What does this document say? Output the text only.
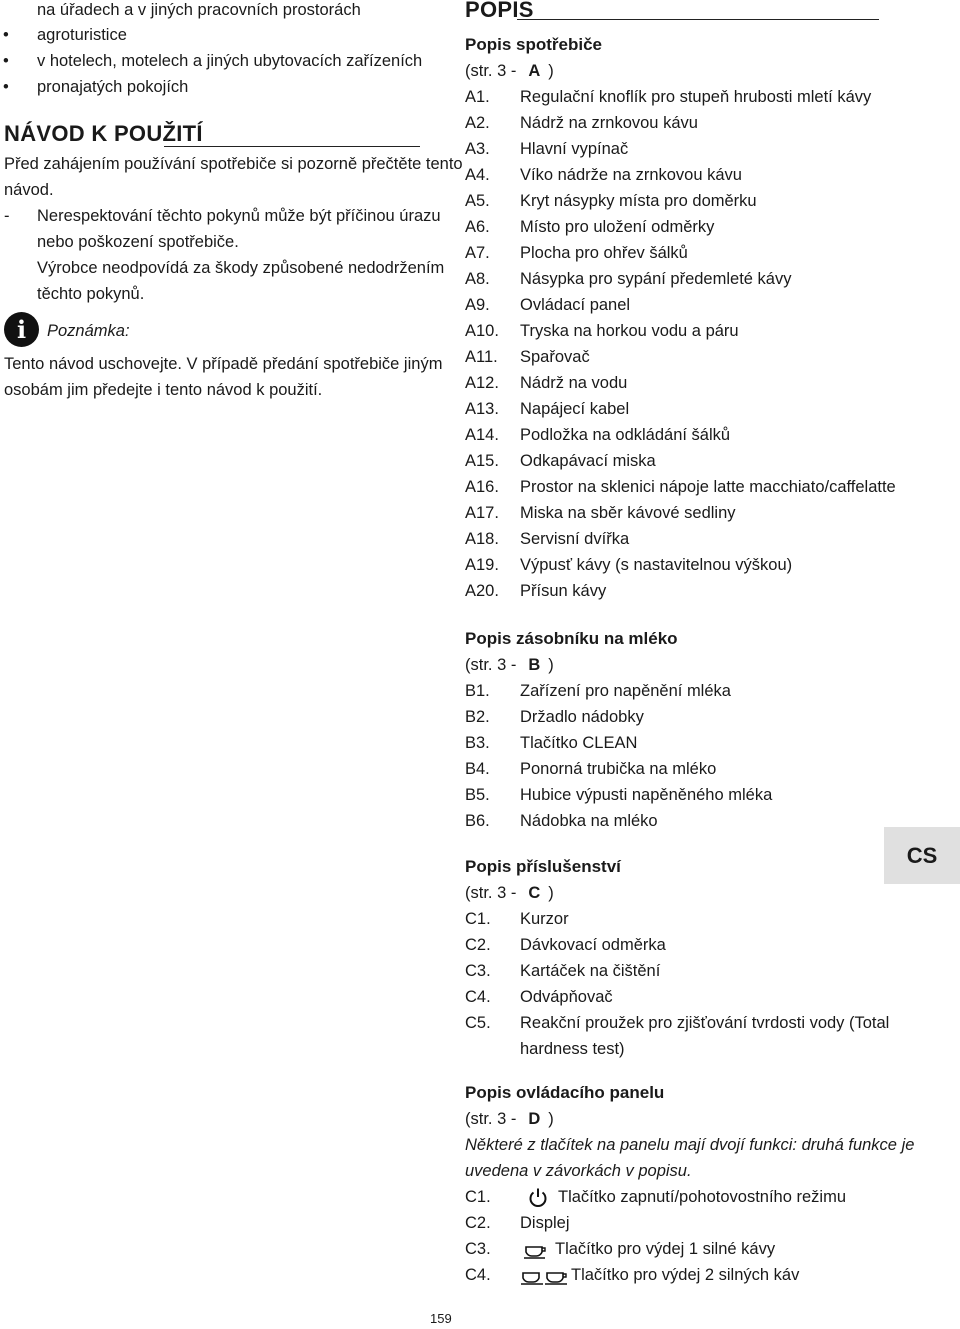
na úřadech a v jiných pracovních prostorách
• agroturistice
• v hotelech, motelech a jiných ubytovacích zařízeních
• pronajatých pokojích
NÁVOD K POUŽITÍ
Před zahájením používání spotřebiče si pozorně přečtěte tento
návod.
- Nerespektování těchto pokynů může být příčinou úrazu
nebo poškození spotřebiče.
Výrobce neodpovídá za škody způsobené nedodržením
těchto pokynů.
i	Poznámka:
Tento návod uschovejte. V případě předání spotřebiče jiným
osobám jim předejte i tento návod k použití.
POPIS
Popis spotřebiče
(str. 3 - A )
A1. Regulační knoflík pro stupeň hrubosti mletí kávy
A2. Nádrž na zrnkovou kávu
A3. Hlavní vypínač
A4. Víko nádrže na zrnkovou kávu
A5. Kryt násypky místa pro doměrku
A6. Místo pro uložení odměrky
A7. Plocha pro ohřev šálků
A8. Násypka pro sypání předemleté kávy
A9. Ovládací panel
A10. Tryska na horkou vodu a páru
A11. Spařovač
A12. Nádrž na vodu
A13. Napájecí kabel
A14. Podložka na odkládání šálků
A15. Odkapávací miska
A16. Prostor na sklenici nápoje latte macchiato/caffelatte
A17. Miska na sběr kávové sedliny
A18. Servisní dvířka
A19. Výpusť kávy (s nastavitelnou výškou)
A20. Přísun kávy
Popis zásobníku na mléko
(str. 3 - B )
B1. Zařízení pro napěnění mléka
B2. Držadlo nádobky
B3. Tlačítko CLEAN
B4. Ponorná trubička na mléko
B5. Hubice výpusti napěněného mléka
B6. Nádobka na mléko
Popis příslušenství
(str. 3 - C )
C1. Kurzor
C2. Dávkovací odměrka
C3. Kartáček na čištění
C4. Odvápňovač
C5. Reakční proužek pro zjišťování tvrdosti vody (Total
hardness test)
Popis ovládacího panelu
(str. 3 - D )
Některé z tlačítek na panelu mají dvojí funkci: druhá funkce je
uvedena v závorkách v popisu.
C1.	Tlačítko zapnutí/pohotovostního režimu
C2. Displej
C3.	Tlačítko pro výdej 1 silné kávy
C4.	Tlačítko pro výdej 2 silných káv
CS
159
